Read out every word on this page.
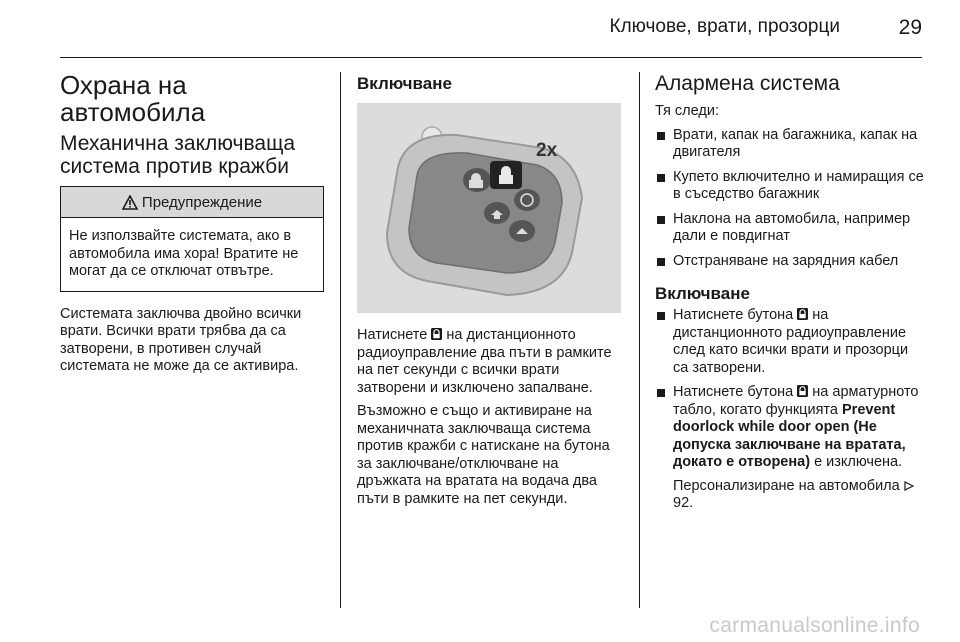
Ключове, врати, прозорци	29
Охрана на
автомобила
Механична заключваща
система против кражби
Предупреждение

Не използвайте системата, ако в автомобила има хора! Вратите не могат да се отключат отвътре.

Системата заключва двойно всички врати. Всички врати трябва да са затворени, в противен случай системата не може да се активира.

Включване
2x

Натиснете на дистанционното радиоуправление два пъти в рамките на пет секунди с всички врати затворени и изключено запалване.

Възможно е също и активиране на механичната заключваща система против кражби с натискане на бутона за заключване/отключване на дръжката на вратата на водача два пъти в рамките на пет секунди.

Алармена система

Тя следи:

Врати, капак на багажника, капак на двигателя
Купето включително и намиращия се в съседство багажник
Наклона на автомобила, например дали е повдигнат
Отстраняване на зарядния кабел
Включване
Натиснете бутона на дистанционното радиоуправление след като всички врати и прозорци са затворени.
Натиснете бутона на арматурното табло, когато функцията Prevent doorlock while door open (Не допуска заключване на вратата, докато е отворена) е изключена.

Персонализиране на автомобила  92.

carmanualsonline.info
